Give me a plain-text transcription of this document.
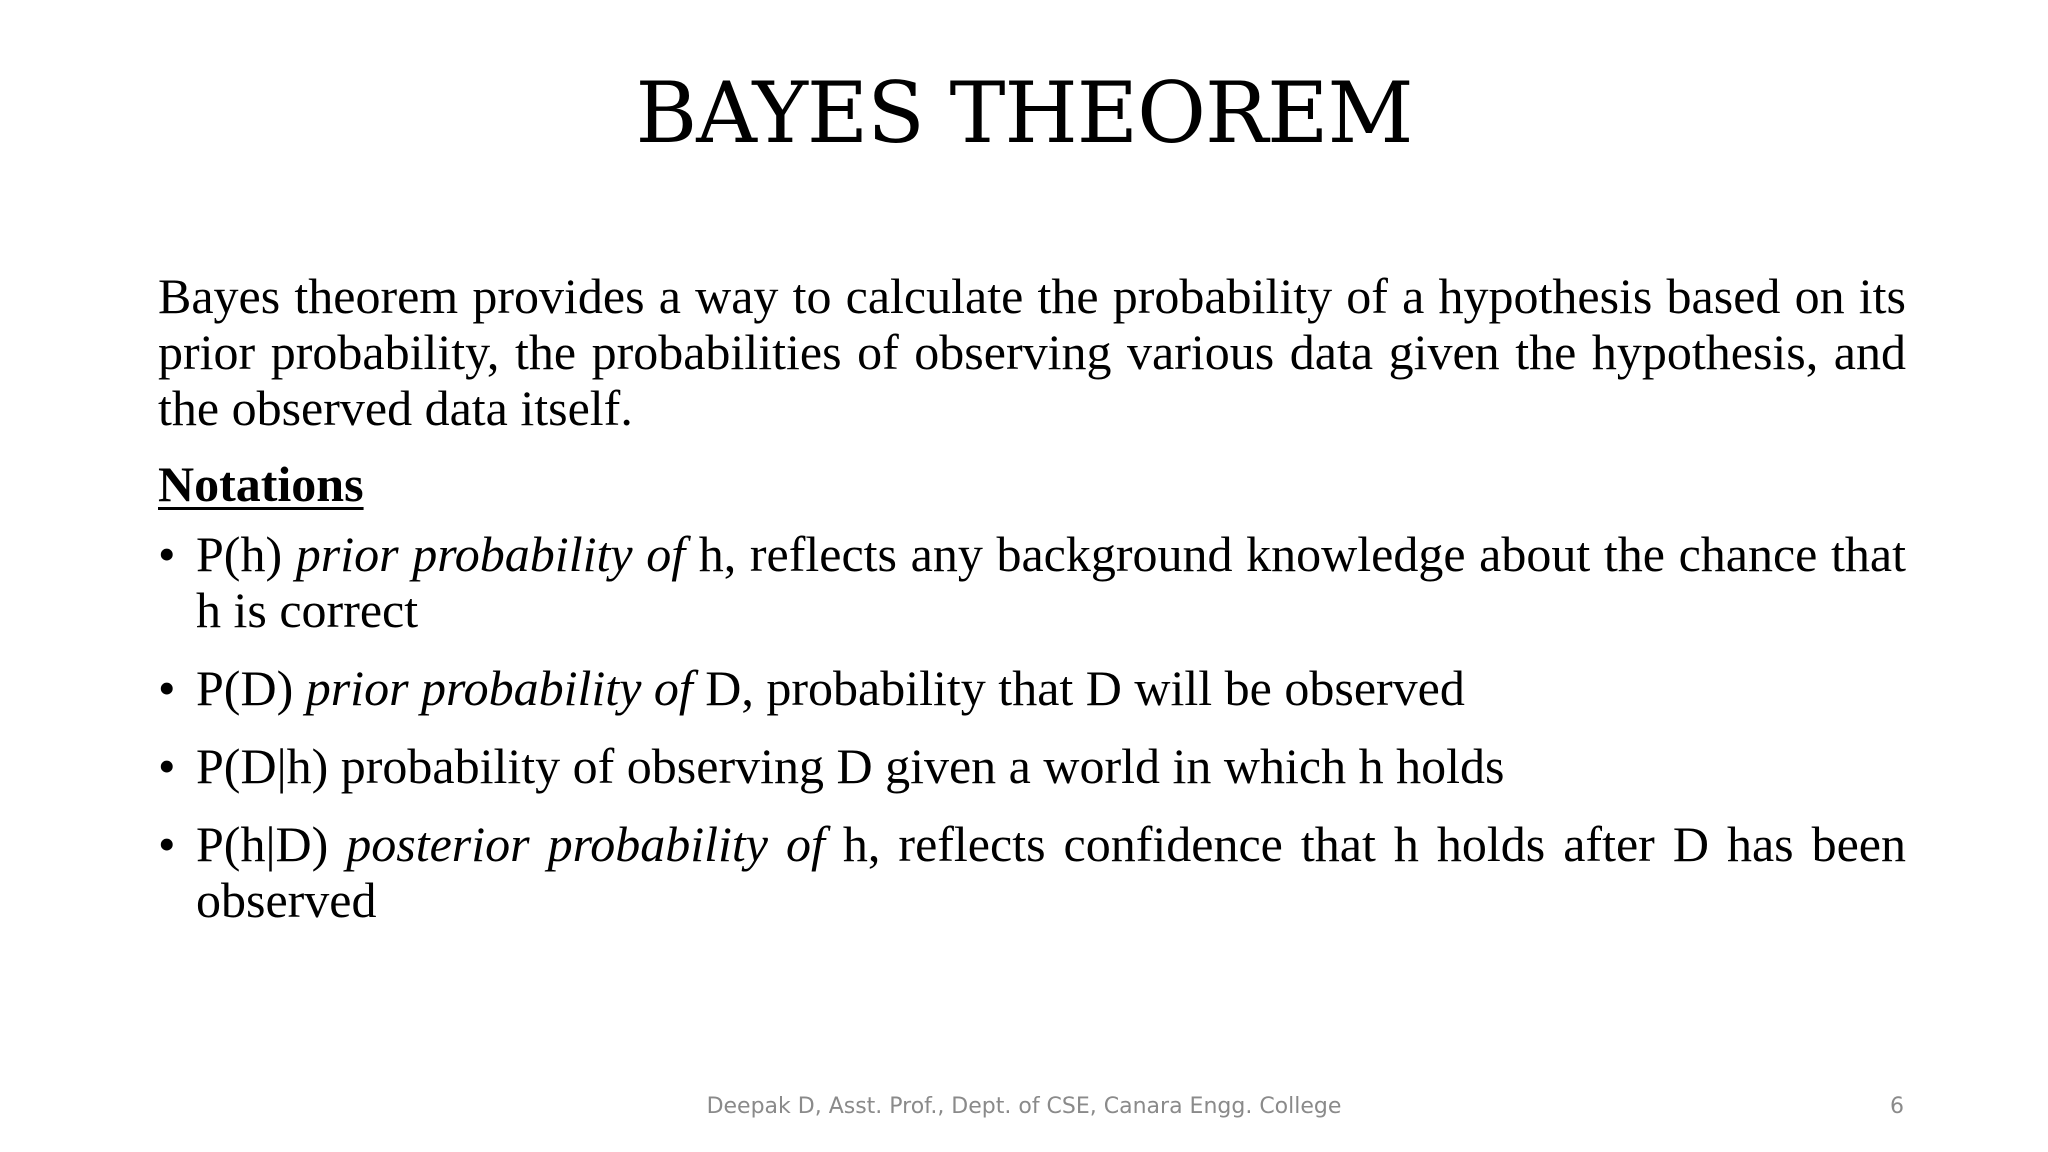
BAYES THEOREM

Bayes theorem provides a way to calculate the probability of a hypothesis based on its prior probability, the probabilities of observing various data given the hypothesis, and the observed data itself.

Notations
• P(h) prior probability of h, reflects any background knowledge about the chance that h is correct
• P(D) prior probability of D, probability that D will be observed
• P(D|h) probability of observing D given a world in which h holds
• P(h|D) posterior probability of h, reflects confidence that h holds after D has been observed
Deepak D, Asst. Prof., Dept. of CSE, Canara Engg. College	6
